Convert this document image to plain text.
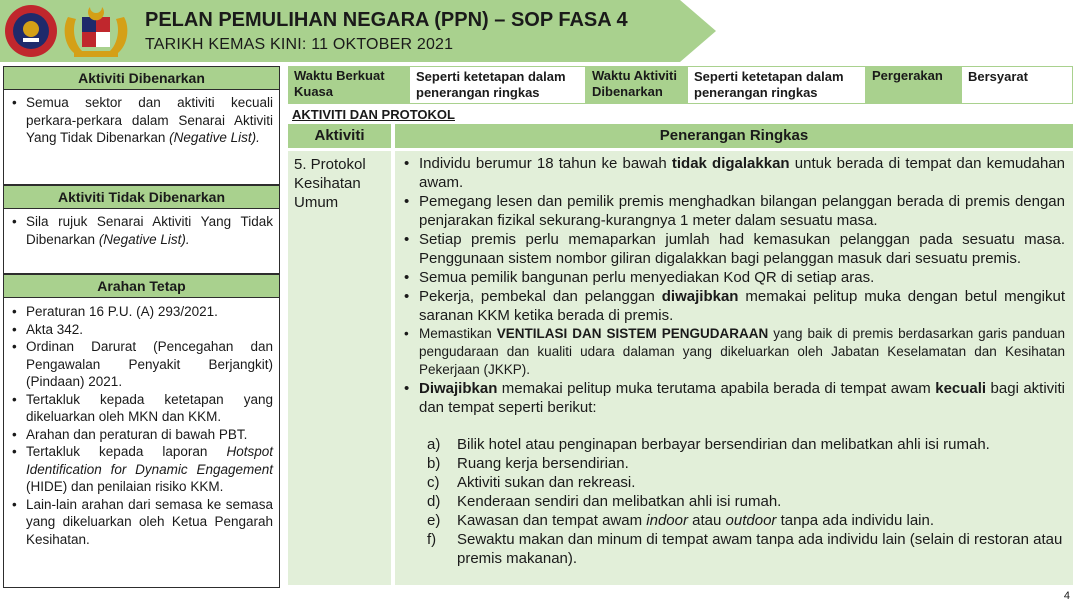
PELAN PEMULIHAN NEGARA (PPN) – SOP FASA 4
TARIKH KEMAS KINI: 11 OKTOBER 2021
Aktiviti Dibenarkan
• Semua sektor dan aktiviti kecuali perkara-perkara dalam Senarai Aktiviti Yang Tidak Dibenarkan (Negative List).
Aktiviti Tidak Dibenarkan
• Sila rujuk Senarai Aktiviti Yang Tidak Dibenarkan (Negative List).
Arahan Tetap
• Peraturan 16 P.U. (A) 293/2021.
• Akta 342.
• Ordinan Darurat (Pencegahan dan Pengawalan Penyakit Berjangkit) (Pindaan) 2021.
• Tertakluk kepada ketetapan yang dikeluarkan oleh MKN dan KKM.
• Arahan dan peraturan di bawah PBT.
• Tertakluk kepada laporan Hotspot Identification for Dynamic Engagement (HIDE) dan penilaian risiko KKM.
• Lain-lain arahan dari semasa ke semasa yang dikeluarkan oleh Ketua Pengarah Kesihatan.
Waktu Berkuat Kuasa
Seperti ketetapan dalam penerangan ringkas
Waktu Aktiviti Dibenarkan
Seperti ketetapan dalam penerangan ringkas
Pergerakan	Bersyarat
AKTIVITI DAN PROTOKOL
Aktiviti
5. Protokol Kesihatan Umum
Penerangan Ringkas
• Individu berumur 18 tahun ke bawah tidak digalakkan untuk berada di tempat dan kemudahan awam.
• Pemegang lesen dan pemilik premis menghadkan bilangan pelanggan berada di premis dengan penjarakan fizikal sekurang-kurangnya 1 meter dalam sesuatu masa.
• Setiap premis perlu memaparkan jumlah had kemasukan pelanggan pada sesuatu masa. Penggunaan sistem nombor giliran digalakkan bagi pelanggan masuk dari sesuatu premis.
• Semua pemilik bangunan perlu menyediakan Kod QR di setiap aras.
• Pekerja, pembekal dan pelanggan diwajibkan memakai pelitup muka dengan betul mengikut saranan KKM ketika berada di premis.
• Memastikan VENTILASI DAN SISTEM PENGUDARAAN yang baik di premis berdasarkan garis panduan pengudaraan dan kualiti udara dalaman yang dikeluarkan oleh Jabatan Keselamatan dan Kesihatan Pekerjaan (JKKP).
• Diwajibkan memakai pelitup muka terutama apabila berada di tempat awam kecuali bagi aktiviti dan tempat seperti berikut:
a) Bilik hotel atau penginapan berbayar bersendirian dan melibatkan ahli isi rumah.
b) Ruang kerja bersendirian.
c) Aktiviti sukan dan rekreasi.
d) Kenderaan sendiri dan melibatkan ahli isi rumah.
e) Kawasan dan tempat awam indoor atau outdoor tanpa ada individu lain.
f) Sewaktu makan dan minum di tempat awam tanpa ada individu lain (selain di restoran atau premis makanan).
4
